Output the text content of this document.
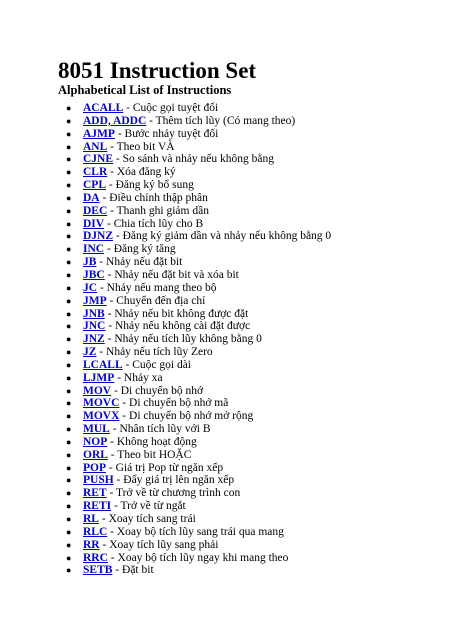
8051 Instruction Set
Alphabetical List of Instructions
● ACALL - Cuộc gọi tuyệt đối
● ADD, ADDC - Thêm tích lũy (Có mang theo)
● AJMP - Bước nhảy tuyệt đối
● ANL - Theo bit VÀ
● CJNE - So sánh và nhảy nếu không bằng
● CLR - Xóa đăng ký
● CPL - Đăng ký bổ sung
● DA - Điều chỉnh thập phân
● DEC - Thanh ghi giảm dần
● DIV - Chia tích lũy cho B
● DJNZ - Đăng ký giảm dần và nhảy nếu không bằng 0
● INC - Đăng ký tăng
● JB - Nhảy nếu đặt bit
● JBC - Nhảy nếu đặt bit và xóa bit
● JC - Nhảy nếu mang theo bộ
● JMP - Chuyển đến địa chỉ
● JNB - Nhảy nếu bit không được đặt
● JNC - Nhảy nếu không cài đặt được
● JNZ - Nhảy nếu tích lũy không bằng 0
● JZ - Nhảy nếu tích lũy Zero
● LCALL - Cuộc gọi dài
● LJMP - Nhảy xa
● MOV - Di chuyển bộ nhớ
● MOVC - Di chuyển bộ nhớ mã
● MOVX - Di chuyển bộ nhớ mở rộng
● MUL - Nhân tích lũy với B
● NOP - Không hoạt động
● ORL - Theo bit HOẶC
● POP - Giá trị Pop từ ngăn xếp
● PUSH - Đẩy giá trị lên ngăn xếp
● RET - Trở về từ chương trình con
● RETI - Trở về từ ngắt
● RL - Xoay tích sang trái
● RLC - Xoay bộ tích lũy sang trái qua mang
● RR - Xoay tích lũy sang phải
● RRC - Xoay bộ tích lũy ngay khi mang theo
● SETB - Đặt bit
